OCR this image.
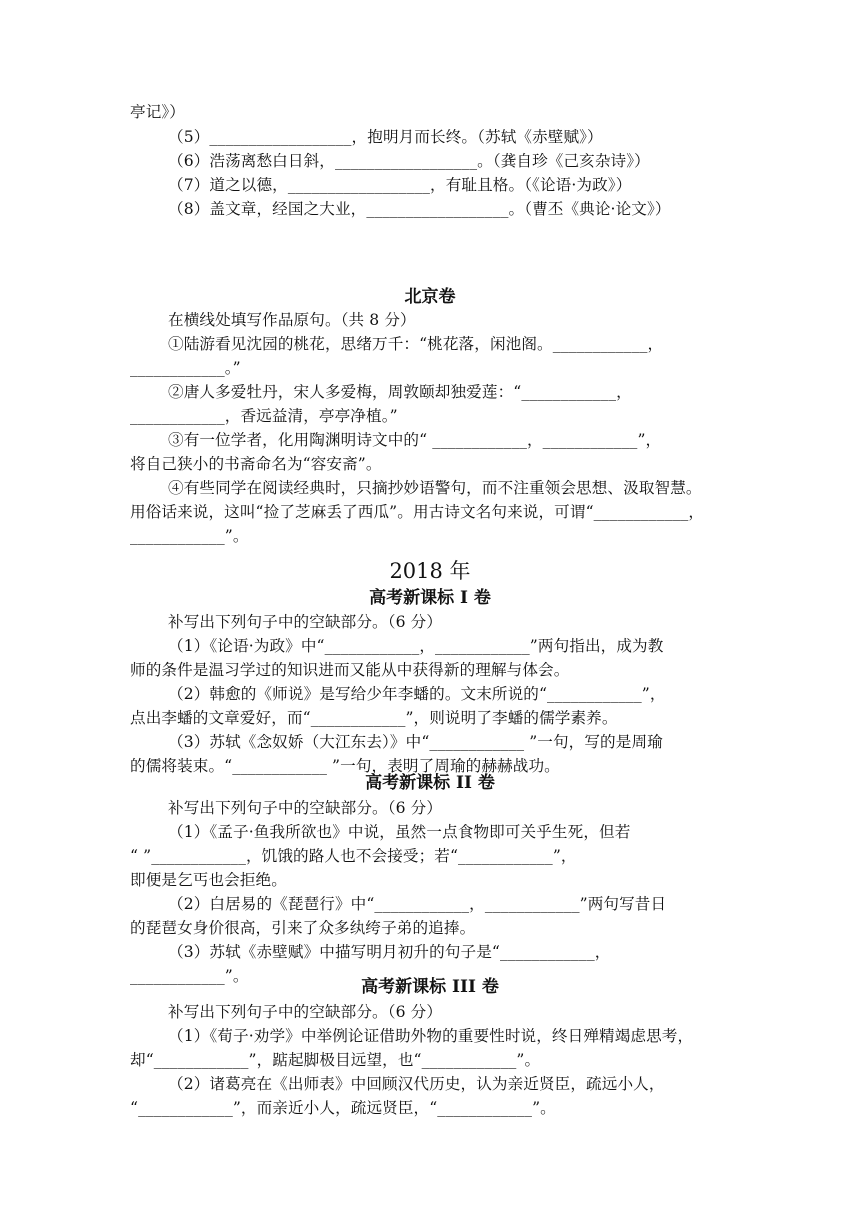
亭记》）
（5）__________________，抱明月而长终。（苏轼《赤壁赋》）
（6）浩荡离愁白日斜，__________________。（龚自珍《己亥杂诗》）
（7）道之以德，__________________，有耻且格。（《论语·为政》）
（8）盖文章，经国之大业，__________________。（曹丕《典论·论文》）
北京卷
在横线处填写作品原句。（共 8 分）
①陆游看见沈园的桃花，思绪万千：“桃花落，闲池阁。____________，
____________。”
②唐人多爱牡丹，宋人多爱梅，周敦颐却独爱莲：“____________，
____________，香远益清，亭亭净植。”
③有一位学者，化用陶渊明诗文中的“ ____________，____________”，
将自己狭小的书斋命名为“容安斋”。
④有些同学在阅读经典时，只摘抄妙语警句，而不注重领会思想、汲取智慧。
用俗话来说，这叫“捡了芝麻丢了西瓜”。用古诗文名句来说，可谓“____________，
____________”。
2018 年
高考新课标 I 卷
补写出下列句子中的空缺部分。（6 分）
（1）《论语·为政》中“____________，____________”两句指出，成为教
师的条件是温习学过的知识进而又能从中获得新的理解与体会。
（2）韩愈的《师说》是写给少年李蟠的。文末所说的“____________”，
点出李蟠的文章爱好，而“____________”，则说明了李蟠的儒学素养。
（3）苏轼《念奴娇（大江东去）》中“____________ ”一句，写的是周瑜
的儒将装束。“____________ ”一句，表明了周瑜的赫赫战功。
高考新课标 II 卷
补写出下列句子中的空缺部分。（6 分）
（1）《孟子·鱼我所欲也》中说，虽然一点食物即可关乎生死，但若
“ ”____________，饥饿的路人也不会接受；若“____________”，
即便是乞丐也会拒绝。
（2）白居易的《琵琶行》中“____________，____________”两句写昔日
的琵琶女身价很高，引来了众多纨绔子弟的追捧。
（3）苏轼《赤壁赋》中描写明月初升的句子是“____________，
____________”。
高考新课标 III 卷
补写出下列句子中的空缺部分。（6 分）
（1）《荀子·劝学》中举例论证借助外物的重要性时说，终日殚精竭虑思考，
却“____________”，踮起脚极目远望，也“____________”。
（2）诸葛亮在《出师表》中回顾汉代历史，认为亲近贤臣，疏远小人，
“____________”，而亲近小人，疏远贤臣，“____________”。
